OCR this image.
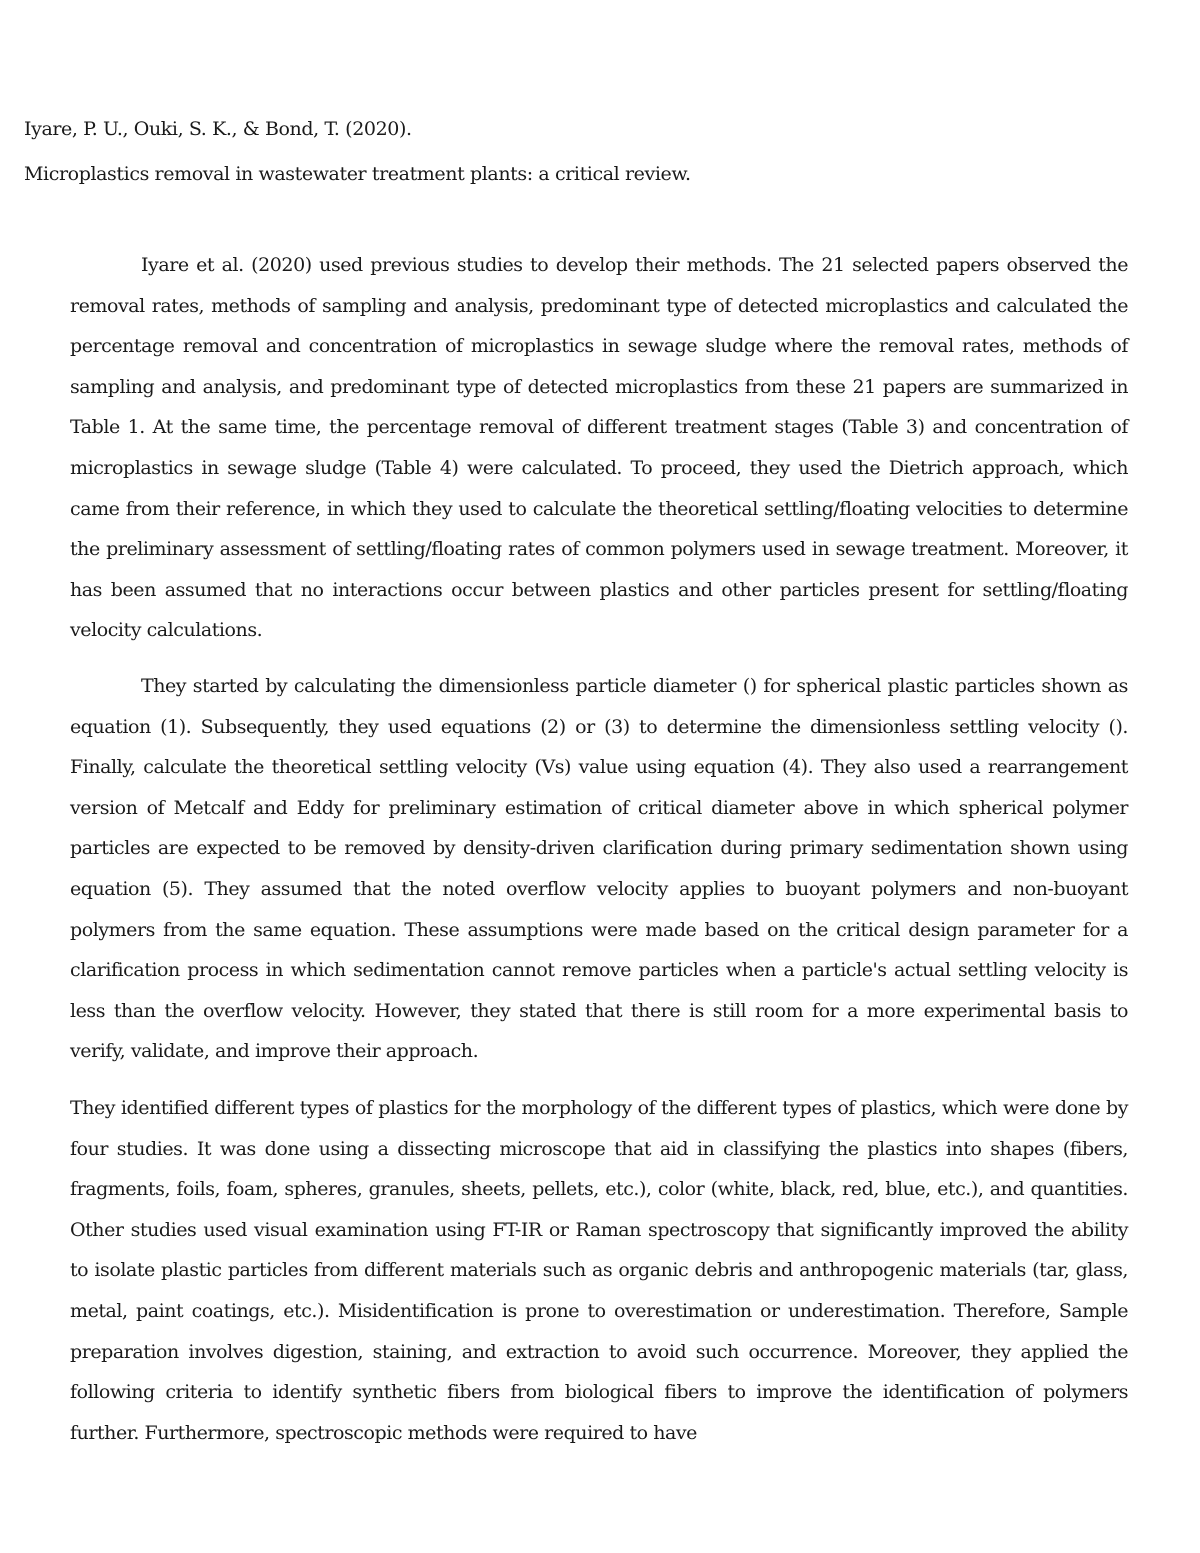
Iyare, P. U., Ouki, S. K., & Bond, T. (2020).

Microplastics removal in wastewater treatment plants: a critical review.

Iyare et al. (2020) used previous studies to develop their methods. The 21 selected papers observed the removal rates, methods of sampling and analysis, predominant type of detected microplastics and calculated the percentage removal and concentration of microplastics in sewage sludge where the removal rates, methods of sampling and analysis, and predominant type of detected microplastics from these 21 papers are summarized in Table 1. At the same time, the percentage removal of different treatment stages (Table 3) and concentration of microplastics in sewage sludge (Table 4) were calculated. To proceed, they used the Dietrich approach, which came from their reference, in which they used to calculate the theoretical settling/floating velocities to determine the preliminary assessment of settling/floating rates of common polymers used in sewage treatment. Moreover, it has been assumed that no interactions occur between plastics and other particles present for settling/floating velocity calculations.

They started by calculating the dimensionless particle diameter () for spherical plastic particles shown as equation (1). Subsequently, they used equations (2) or (3) to determine the dimensionless settling velocity (). Finally, calculate the theoretical settling velocity (Vs) value using equation (4). They also used a rearrangement version of Metcalf and Eddy for preliminary estimation of critical diameter above in which spherical polymer particles are expected to be removed by density-driven clarification during primary sedimentation shown using equation (5). They assumed that the noted overflow velocity applies to buoyant polymers and non-buoyant polymers from the same equation. These assumptions were made based on the critical design parameter for a clarification process in which sedimentation cannot remove particles when a particle's actual settling velocity is less than the overflow velocity. However, they stated that there is still room for a more experimental basis to verify, validate, and improve their approach.

They identified different types of plastics for the morphology of the different types of plastics, which were done by four studies. It was done using a dissecting microscope that aid in classifying the plastics into shapes (fibers, fragments, foils, foam, spheres, granules, sheets, pellets, etc.), color (white, black, red, blue, etc.), and quantities. Other studies used visual examination using FT-IR or Raman spectroscopy that significantly improved the ability to isolate plastic particles from different materials such as organic debris and anthropogenic materials (tar, glass, metal, paint coatings, etc.). Misidentification is prone to overestimation or underestimation. Therefore, Sample preparation involves digestion, staining, and extraction to avoid such occurrence. Moreover, they applied the following criteria to identify synthetic fibers from biological fibers to improve the identification of polymers further. Furthermore, spectroscopic methods were required to have
